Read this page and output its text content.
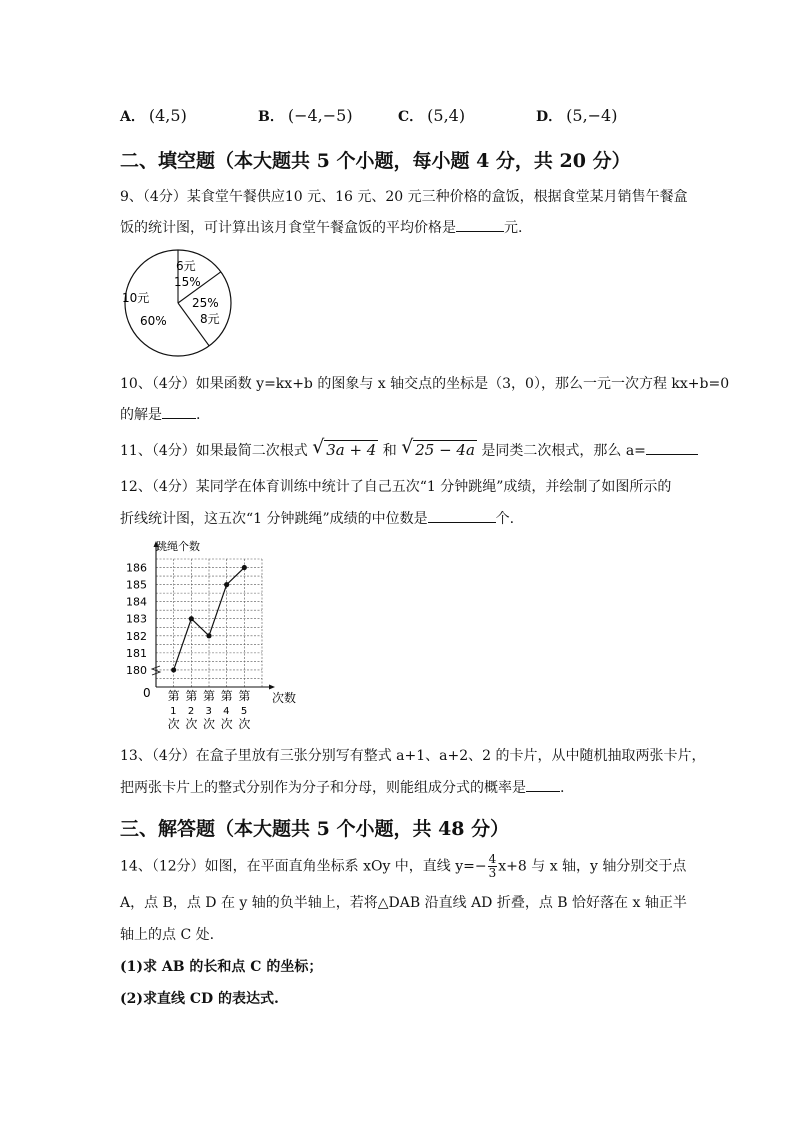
A． (4,5)	B． (−4,−5)	C． (5,4)	D． (5,−4)
二、填空题（本大题共 5 个小题，每小题 4 分，共 20 分）
9、（4分）某食堂午餐供应10 元、16 元、20 元三种价格的盒饭，根据食堂某月销售午餐盒
饭的统计图，可计算出该月食堂午餐盒饭的平均价格是	元.
6元
15%
25%
8元
10元
60%
10、（4分）如果函数 y=kx+b 的图象与 x 轴交点的坐标是（3，0），那么一元一次方程 kx+b=0
的解是 .
11、（4分）如果最简二次根式 √ 3a + 4 和 √ 25 − 4a 是同类二次根式，那么 a=
12、（4分）某同学在体育训练中统计了自己五次“1 分钟跳绳”成绩，并绘制了如图所示的
折线统计图，这五次“1 分钟跳绳”成绩的中位数是	个.
180
181
182
183
184
185
186
第
1
次
第
2
次
第
3
次
第
4
次
第
5
次
跳绳个数
次数
0
13、（4分）在盒子里放有三张分别写有整式 a+1、a+2、2 的卡片，从中随机抽取两张卡片，
把两张卡片上的整式分别作为分子和分母，则能组成分式的概率是 .
三、解答题（本大题共 5 个小题，共 48 分）
14、（12分）如图，在平面直角坐标系 xOy 中，直线 $y=- \frac{4}{3} x+8$ 与 x 轴，y 轴分别交于点
A，点 B，点 D 在 y 轴的负半轴上，若将△DAB 沿直线 AD 折叠，点 B 恰好落在 x 轴正半
轴上的点 C 处.
(1)求 AB 的长和点 C 的坐标；
(2)求直线 CD 的表达式.
